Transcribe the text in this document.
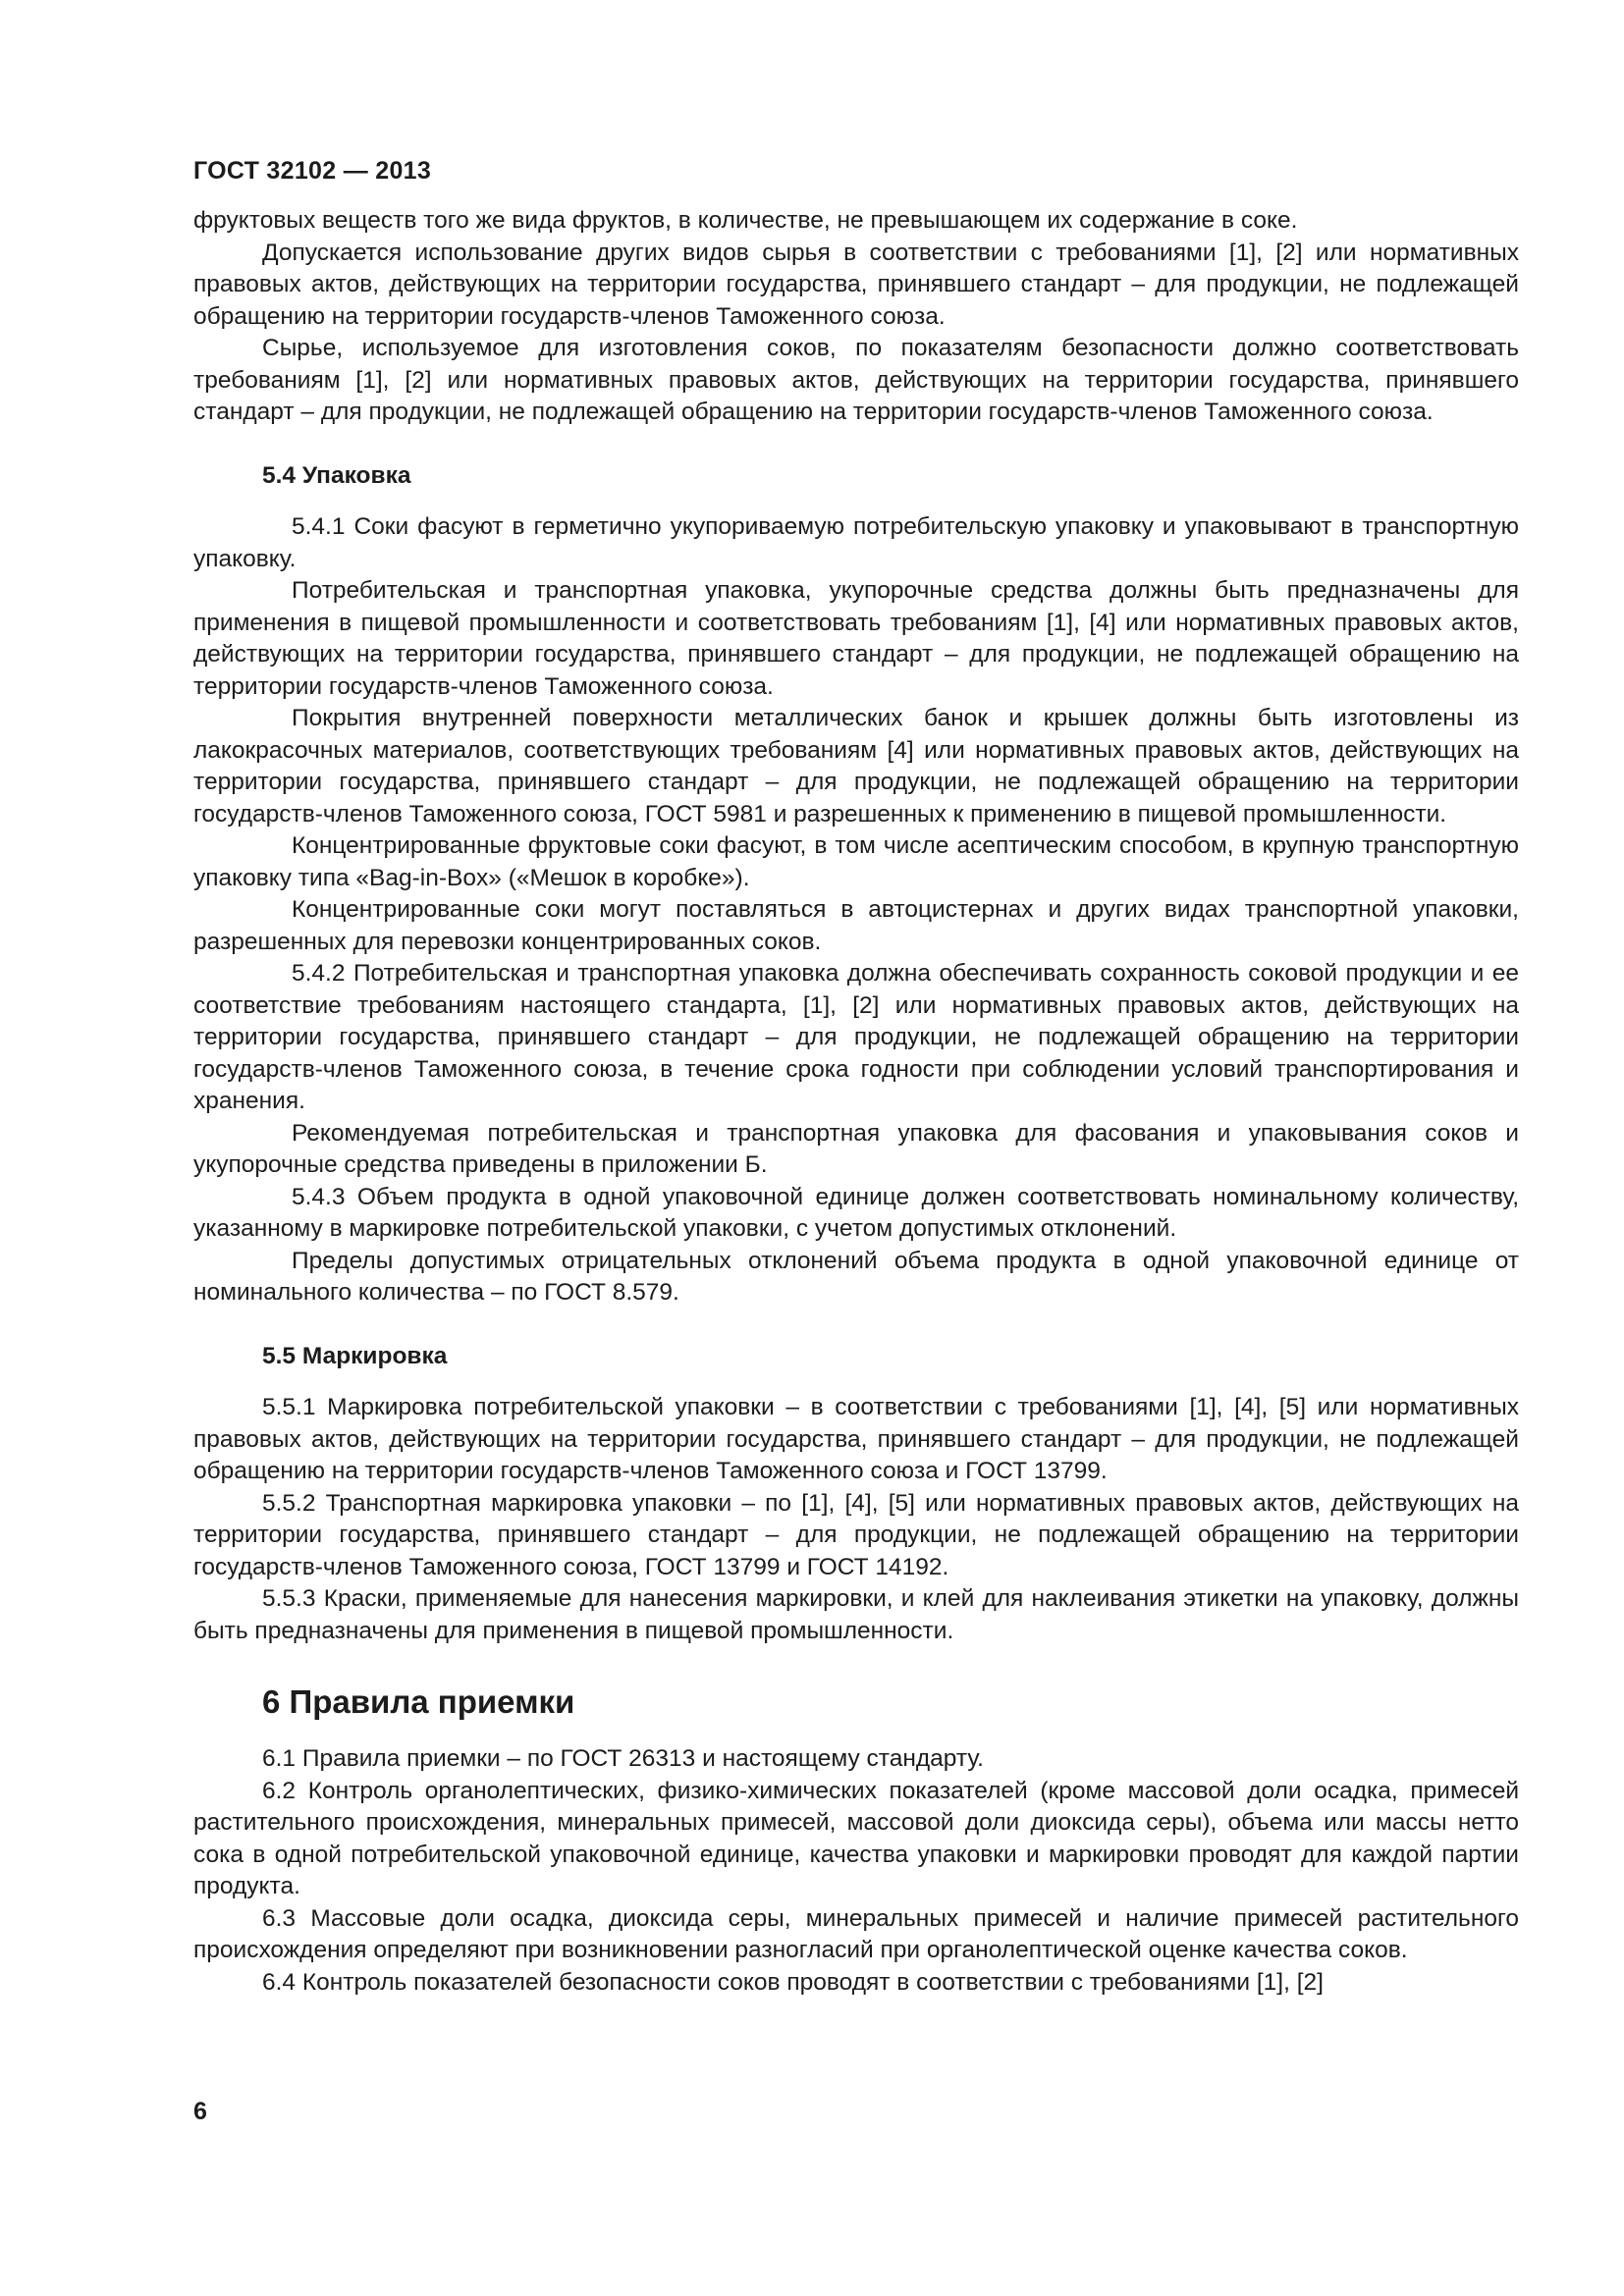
ГОСТ 32102 — 2013

фруктовых веществ того же вида фруктов, в количестве, не превышающем их содержание в соке.

Допускается использование других видов сырья в соответствии с требованиями [1], [2] или нормативных правовых актов, действующих на территории государства, принявшего стандарт – для продукции, не подлежащей обращению на территории государств-членов Таможенного союза.

Сырье, используемое для изготовления соков, по показателям безопасности должно соответствовать требованиям [1], [2] или нормативных правовых актов, действующих на территории государства, принявшего стандарт – для продукции, не подлежащей обращению на территории государств-членов Таможенного союза.

5.4 Упаковка

5.4.1 Соки фасуют в герметично укупориваемую потребительскую упаковку и упаковывают в транспортную упаковку.

Потребительская и транспортная упаковка, укупорочные средства должны быть предназначены для применения в пищевой промышленности и соответствовать требованиям [1], [4] или нормативных правовых актов, действующих на территории государства, принявшего стандарт – для продукции, не подлежащей обращению на территории государств-членов Таможенного союза.

Покрытия внутренней поверхности металлических банок и крышек должны быть изготовлены из лакокрасочных материалов, соответствующих требованиям [4] или нормативных правовых актов, действующих на территории государства, принявшего стандарт – для продукции, не подлежащей обращению на территории государств-членов Таможенного союза, ГОСТ 5981 и разрешенных к применению в пищевой промышленности.

Концентрированные фруктовые соки фасуют, в том числе асептическим способом, в крупную транспортную упаковку типа «Bag-in-Box» («Мешок в коробке»).

Концентрированные соки могут поставляться в автоцистернах и других видах транспортной упаковки, разрешенных для перевозки концентрированных соков.

5.4.2 Потребительская и транспортная упаковка должна обеспечивать сохранность соковой продукции и ее соответствие требованиям настоящего стандарта, [1], [2] или нормативных правовых актов, действующих на территории государства, принявшего стандарт – для продукции, не подлежащей обращению на территории государств-членов Таможенного союза, в течение срока годности при соблюдении условий транспортирования и хранения.

Рекомендуемая потребительская и транспортная упаковка для фасования и упаковывания соков и укупорочные средства приведены в приложении Б.

5.4.3 Объем продукта в одной упаковочной единице должен соответствовать номинальному количеству, указанному в маркировке потребительской упаковки, с учетом допустимых отклонений.

Пределы допустимых отрицательных отклонений объема продукта в одной упаковочной единице от номинального количества – по ГОСТ 8.579.

5.5 Маркировка

5.5.1 Маркировка потребительской упаковки – в соответствии с требованиями [1], [4], [5] или нормативных правовых актов, действующих на территории государства, принявшего стандарт – для продукции, не подлежащей обращению на территории государств-членов Таможенного союза и ГОСТ 13799.

5.5.2 Транспортная маркировка упаковки – по [1], [4], [5] или нормативных правовых актов, действующих на территории государства, принявшего стандарт – для продукции, не подлежащей обращению на территории государств-членов Таможенного союза, ГОСТ 13799 и ГОСТ 14192.

5.5.3 Краски, применяемые для нанесения маркировки, и клей для наклеивания этикетки на упаковку, должны быть предназначены для применения в пищевой промышленности.

6 Правила приемки

6.1 Правила приемки – по ГОСТ 26313 и настоящему стандарту.

6.2 Контроль органолептических, физико-химических показателей (кроме массовой доли осадка, примесей растительного происхождения, минеральных примесей, массовой доли диоксида серы), объема или массы нетто сока в одной потребительской упаковочной единице, качества упаковки и маркировки проводят для каждой партии продукта.

6.3 Массовые доли осадка, диоксида серы, минеральных примесей и наличие примесей растительного происхождения определяют при возникновении разногласий при органолептической оценке качества соков.

6.4 Контроль показателей безопасности соков проводят в соответствии с требованиями [1], [2]

6
